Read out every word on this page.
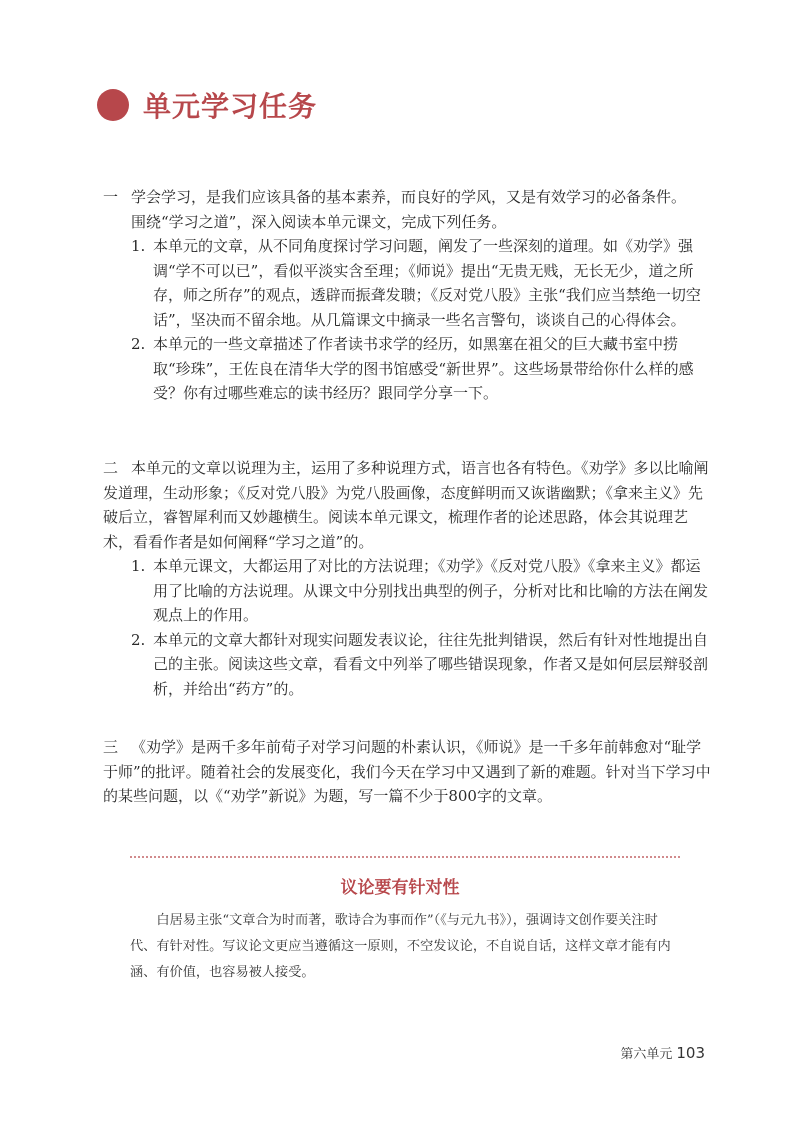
单元学习任务
一 学会学习，是我们应该具备的基本素养，而良好的学风，又是有效学习的必备条件。
围绕“学习之道”，深入阅读本单元课文，完成下列任务。
1. 本单元的文章，从不同角度探讨学习问题，阐发了一些深刻的道理。如《劝学》强调“学不可以已”，看似平淡实含至理；《师说》提出“无贵无贱，无长无少，道之所存，师之所存”的观点，透辟而振聋发聩；《反对党八股》主张“我们应当禁绝一切空话”，坚决而不留余地。从几篇课文中摘录一些名言警句，谈谈自己的心得体会。
2. 本单元的一些文章描述了作者读书求学的经历，如黑塞在祖父的巨大藏书室中捞取“珍珠”，王佐良在清华大学的图书馆感受“新世界”。这些场景带给你什么样的感受？你有过哪些难忘的读书经历？跟同学分享一下。
二 本单元的文章以说理为主，运用了多种说理方式，语言也各有特色。《劝学》多以比喻阐发道理，生动形象；《反对党八股》为党八股画像，态度鲜明而又诙谐幽默；《拿来主义》先破后立，睿智犀利而又妙趣横生。阅读本单元课文，梳理作者的论述思路，体会其说理艺术，看看作者是如何阐释“学习之道”的。
1. 本单元课文，大都运用了对比的方法说理；《劝学》《反对党八股》《拿来主义》都运用了比喻的方法说理。从课文中分别找出典型的例子，分析对比和比喻的方法在阐发观点上的作用。
2. 本单元的文章大都针对现实问题发表议论，往往先批判错误，然后有针对性地提出自己的主张。阅读这些文章，看看文中列举了哪些错误现象，作者又是如何层层辩驳剖析，并给出“药方”的。
三 《劝学》是两千多年前荀子对学习问题的朴素认识，《师说》是一千多年前韩愈对“耻学于师”的批评。随着社会的发展变化，我们今天在学习中又遇到了新的难题。针对当下学习中的某些问题，以《“劝学”新说》为题，写一篇不少于800字的文章。
议论要有针对性
白居易主张“文章合为时而著，歌诗合为事而作”（《与元九书》），强调诗文创作要关注时代、有针对性。写议论文更应当遵循这一原则，不空发议论，不自说自话，这样文章才能有内涵、有价值，也容易被人接受。
第六单元 103
